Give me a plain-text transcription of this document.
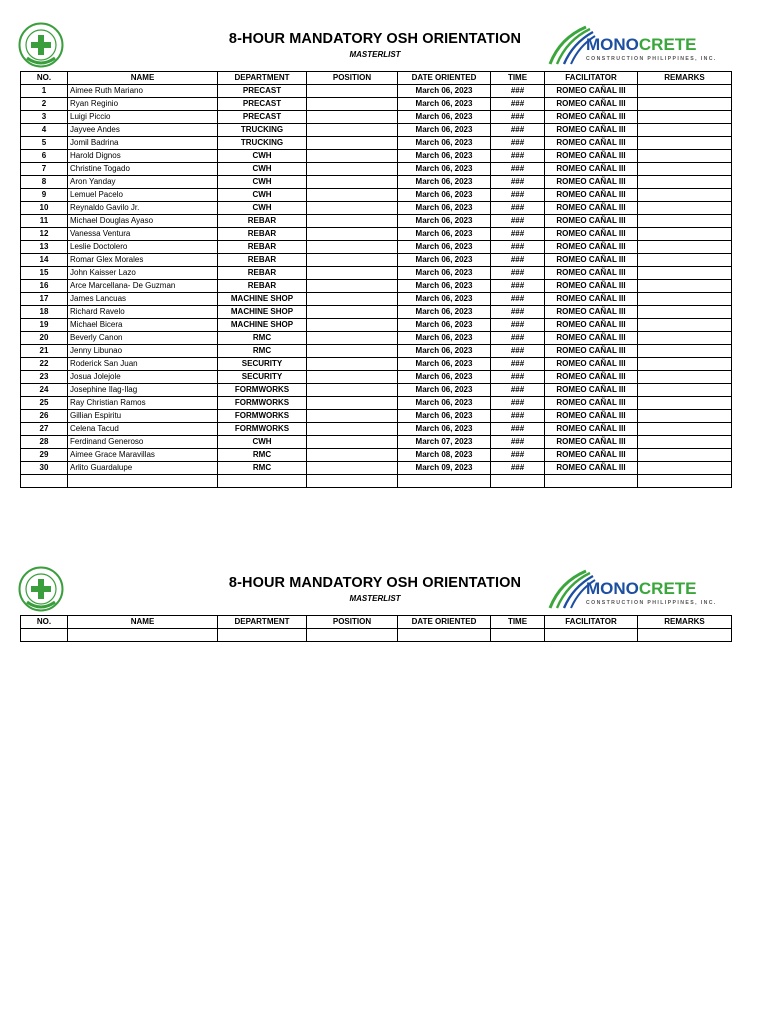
8-HOUR MANDATORY OSH ORIENTATION
MASTERLIST
MONOCRETE
CONSTRUCTION PHILIPPINES, INC.
NO.	NAME	DEPARTMENT	POSITION	DATE ORIENTED	TIME	FACILITATOR	REMARKS
1	Aimee Ruth Mariano	PRECAST		March 06, 2023	###	ROMEO CAÑAL III	
2	Ryan Reginio	PRECAST		March 06, 2023	###	ROMEO CAÑAL III	
3	Luigi Piccio	PRECAST		March 06, 2023	###	ROMEO CAÑAL III	
4	Jayvee Andes	TRUCKING		March 06, 2023	###	ROMEO CAÑAL III	
5	Jomil Badrina	TRUCKING		March 06, 2023	###	ROMEO CAÑAL III	
6	Harold Dignos	CWH		March 06, 2023	###	ROMEO CAÑAL III	
7	Christine Togado	CWH		March 06, 2023	###	ROMEO CAÑAL III	
8	Aron Yanday	CWH		March 06, 2023	###	ROMEO CAÑAL III	
9	Lemuel Pacelo	CWH		March 06, 2023	###	ROMEO CAÑAL III	
10	Reynaldo Gavilo Jr.	CWH		March 06, 2023	###	ROMEO CAÑAL III	
11	Michael Douglas Ayaso	REBAR		March 06, 2023	###	ROMEO CAÑAL III	
12	Vanessa Ventura	REBAR		March 06, 2023	###	ROMEO CAÑAL III	
13	Leslie Doctolero	REBAR		March 06, 2023	###	ROMEO CAÑAL III	
14	Romar Glex Morales	REBAR		March 06, 2023	###	ROMEO CAÑAL III	
15	John Kaisser Lazo	REBAR		March 06, 2023	###	ROMEO CAÑAL III	
16	Arce Marcellana- De Guzman	REBAR		March 06, 2023	###	ROMEO CAÑAL III	
17	James Lancuas	MACHINE SHOP		March 06, 2023	###	ROMEO CAÑAL III	
18	Richard Ravelo	MACHINE SHOP		March 06, 2023	###	ROMEO CAÑAL III	
19	Michael Bicera	MACHINE SHOP		March 06, 2023	###	ROMEO CAÑAL III	
20	Beverly Canon	RMC		March 06, 2023	###	ROMEO CAÑAL III	
21	Jenny Libunao	RMC		March 06, 2023	###	ROMEO CAÑAL III	
22	Roderick San Juan	SECURITY		March 06, 2023	###	ROMEO CAÑAL III	
23	Josua Jolejole	SECURITY		March 06, 2023	###	ROMEO CAÑAL III	
24	Josephine Ilag-Ilag	FORMWORKS		March 06, 2023	###	ROMEO CAÑAL III	
25	Ray Christian Ramos	FORMWORKS		March 06, 2023	###	ROMEO CAÑAL III	
26	Gillian Espiritu	FORMWORKS		March 06, 2023	###	ROMEO CAÑAL III	
27	Celena Tacud	FORMWORKS		March 06, 2023	###	ROMEO CAÑAL III	
28	Ferdinand Generoso	CWH		March 07, 2023	###	ROMEO CAÑAL III	
29	Aimee Grace Maravillas	RMC		March 08, 2023	###	ROMEO CAÑAL III	
30	Arlito Guardalupe	RMC		March 09, 2023	###	ROMEO CAÑAL III	

8-HOUR MANDATORY OSH ORIENTATION
MASTERLIST
MONOCRETE
CONSTRUCTION PHILIPPINES, INC.
NO.	NAME	DEPARTMENT	POSITION	DATE ORIENTED	TIME	FACILITATOR	REMARKS
